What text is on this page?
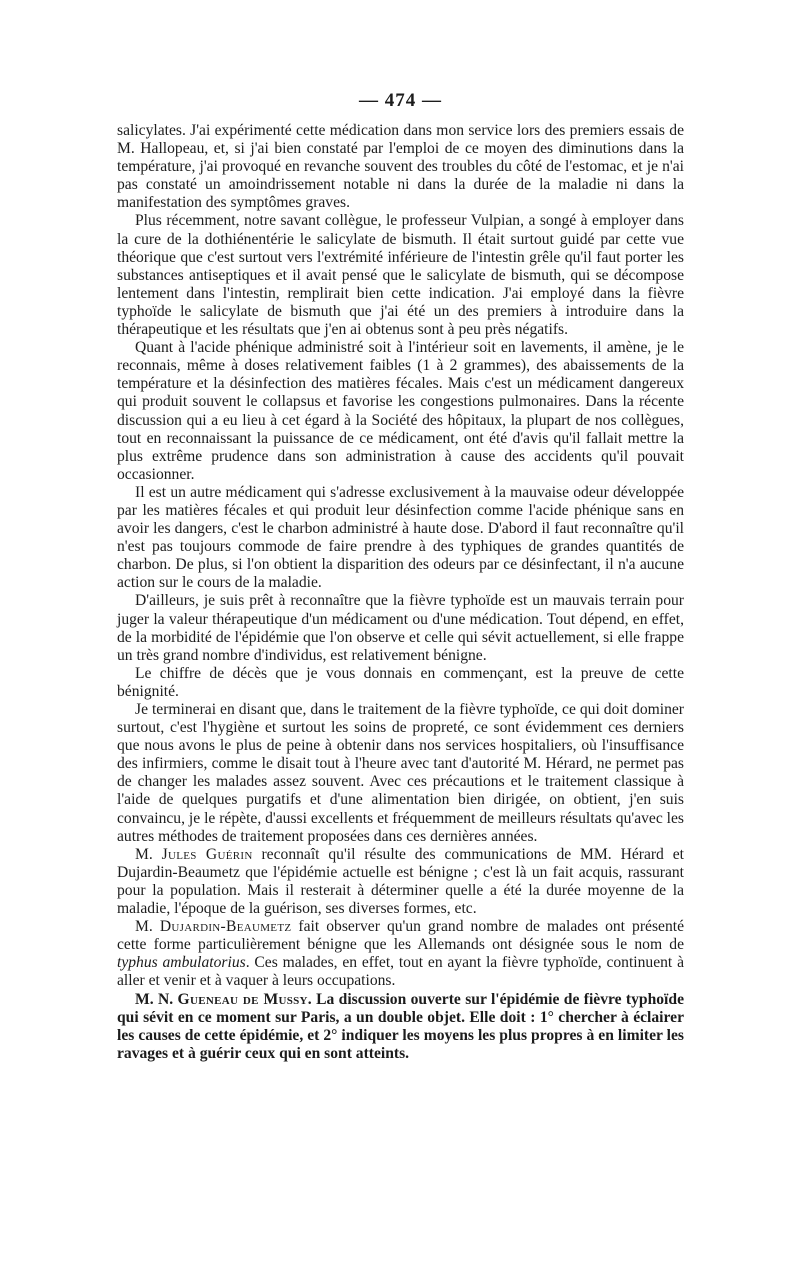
— 474 —

salicylates. J'ai expérimenté cette médication dans mon service lors des premiers essais de M. Hallopeau, et, si j'ai bien constaté par l'emploi de ce moyen des diminutions dans la température, j'ai provoqué en revanche souvent des troubles du côté de l'estomac, et je n'ai pas constaté un amoindrissement notable ni dans la durée de la maladie ni dans la manifestation des symptômes graves.

Plus récemment, notre savant collègue, le professeur Vulpian, a songé à employer dans la cure de la dothiénentérie le salicylate de bismuth. Il était surtout guidé par cette vue théorique que c'est surtout vers l'extrémité inférieure de l'intestin grêle qu'il faut porter les substances antiseptiques et il avait pensé que le salicylate de bismuth, qui se décompose lentement dans l'intestin, remplirait bien cette indication. J'ai employé dans la fièvre typhoïde le salicylate de bismuth que j'ai été un des premiers à introduire dans la thérapeutique et les résultats que j'en ai obtenus sont à peu près négatifs.

Quant à l'acide phénique administré soit à l'intérieur soit en lavements, il amène, je le reconnais, même à doses relativement faibles (1 à 2 grammes), des abaissements de la température et la désinfection des matières fécales. Mais c'est un médicament dangereux qui produit souvent le collapsus et favorise les congestions pulmonaires. Dans la récente discussion qui a eu lieu à cet égard à la Société des hôpitaux, la plupart de nos collègues, tout en reconnaissant la puissance de ce médicament, ont été d'avis qu'il fallait mettre la plus extrême prudence dans son administration à cause des accidents qu'il pouvait occasionner.

Il est un autre médicament qui s'adresse exclusivement à la mauvaise odeur développée par les matières fécales et qui produit leur désinfection comme l'acide phénique sans en avoir les dangers, c'est le charbon administré à haute dose. D'abord il faut reconnaître qu'il n'est pas toujours commode de faire prendre à des typhiques de grandes quantités de charbon. De plus, si l'on obtient la disparition des odeurs par ce désinfectant, il n'a aucune action sur le cours de la maladie.

D'ailleurs, je suis prêt à reconnaître que la fièvre typhoïde est un mauvais terrain pour juger la valeur thérapeutique d'un médicament ou d'une médication. Tout dépend, en effet, de la morbidité de l'épidémie que l'on observe et celle qui sévit actuellement, si elle frappe un très grand nombre d'individus, est relativement bénigne.

Le chiffre de décès que je vous donnais en commençant, est la preuve de cette bénignité.

Je terminerai en disant que, dans le traitement de la fièvre typhoïde, ce qui doit dominer surtout, c'est l'hygiène et surtout les soins de propreté, ce sont évidemment ces derniers que nous avons le plus de peine à obtenir dans nos services hospitaliers, où l'insuffisance des infirmiers, comme le disait tout à l'heure avec tant d'autorité M. Hérard, ne permet pas de changer les malades assez souvent. Avec ces précautions et le traitement classique à l'aide de quelques purgatifs et d'une alimentation bien dirigée, on obtient, j'en suis convaincu, je le répète, d'aussi excellents et fréquemment de meilleurs résultats qu'avec les autres méthodes de traitement proposées dans ces dernières années.

M. Jules Guérin reconnaît qu'il résulte des communications de MM. Hérard et Dujardin-Beaumetz que l'épidémie actuelle est bénigne ; c'est là un fait acquis, rassurant pour la population. Mais il resterait à déterminer quelle a été la durée moyenne de la maladie, l'époque de la guérison, ses diverses formes, etc.

M. Dujardin-Beaumetz fait observer qu'un grand nombre de malades ont présenté cette forme particulièrement bénigne que les Allemands ont désignée sous le nom de typhus ambulatorius. Ces malades, en effet, tout en ayant la fièvre typhoïde, continuent à aller et venir et à vaquer à leurs occupations.

M. N. Gueneau de Mussy. La discussion ouverte sur l'épidémie de fièvre typhoïde qui sévit en ce moment sur Paris, a un double objet. Elle doit : 1° chercher à éclairer les causes de cette épidémie, et 2° indiquer les moyens les plus propres à en limiter les ravages et à guérir ceux qui en sont atteints.
